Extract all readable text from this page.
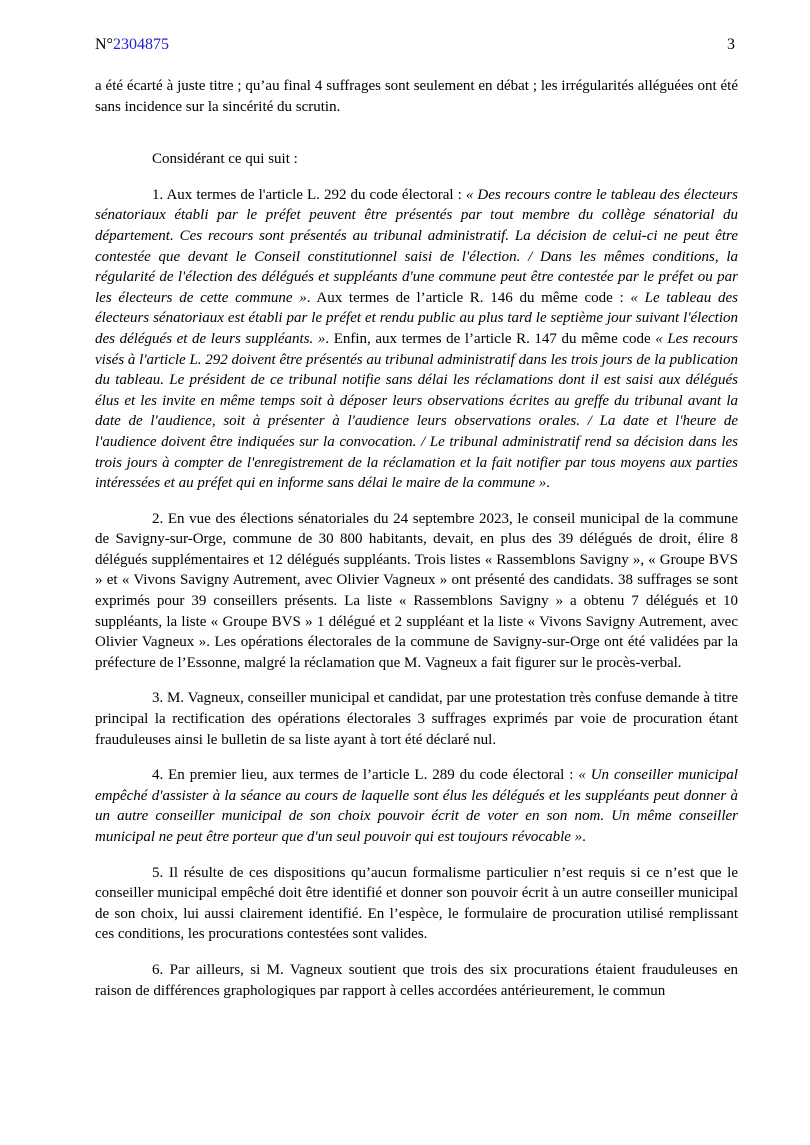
N°2304875	3

a été écarté à juste titre ; qu’au final 4 suffrages sont seulement en débat ; les irrégularités alléguées ont été sans incidence sur la sincérité du scrutin.

Considérant ce qui suit :

1. Aux termes de l'article L. 292 du code électoral : « Des recours contre le tableau des électeurs sénatoriaux établi par le préfet peuvent être présentés par tout membre du collège sénatorial du département. Ces recours sont présentés au tribunal administratif. La décision de celui-ci ne peut être contestée que devant le Conseil constitutionnel saisi de l'élection. / Dans les mêmes conditions, la régularité de l'élection des délégués et suppléants d'une commune peut être contestée par le préfet ou par les électeurs de cette commune ». Aux termes de l’article R. 146 du même code : « Le tableau des électeurs sénatoriaux est établi par le préfet et rendu public au plus tard le septième jour suivant l'élection des délégués et de leurs suppléants. ». Enfin, aux termes de l’article R. 147 du même code « Les recours visés à l'article L. 292 doivent être présentés au tribunal administratif dans les trois jours de la publication du tableau. Le président de ce tribunal notifie sans délai les réclamations dont il est saisi aux délégués élus et les invite en même temps soit à déposer leurs observations écrites au greffe du tribunal avant la date de l'audience, soit à présenter à l'audience leurs observations orales. / La date et l'heure de l'audience doivent être indiquées sur la convocation. / Le tribunal administratif rend sa décision dans les trois jours à compter de l'enregistrement de la réclamation et la fait notifier par tous moyens aux parties intéressées et au préfet qui en informe sans délai le maire de la commune ».

2. En vue des élections sénatoriales du 24 septembre 2023, le conseil municipal de la commune de Savigny-sur-Orge, commune de 30 800 habitants, devait, en plus des 39 délégués de droit, élire 8 délégués supplémentaires et 12 délégués suppléants. Trois listes « Rassemblons Savigny », « Groupe BVS » et « Vivons Savigny Autrement, avec Olivier Vagneux » ont présenté des candidats. 38 suffrages se sont exprimés pour 39 conseillers présents. La liste « Rassemblons Savigny » a obtenu 7 délégués et 10 suppléants, la liste « Groupe BVS » 1 délégué et 2 suppléant et la liste « Vivons Savigny Autrement, avec Olivier Vagneux ». Les opérations électorales de la commune de Savigny-sur-Orge ont été validées par la préfecture de l’Essonne, malgré la réclamation que M. Vagneux a fait figurer sur le procès-verbal.

3. M. Vagneux, conseiller municipal et candidat, par une protestation très confuse demande à titre principal la rectification des opérations électorales 3 suffrages exprimés par voie de procuration étant frauduleuses ainsi le bulletin de sa liste ayant à tort été déclaré nul.

4. En premier lieu, aux termes de l’article L. 289 du code électoral : « Un conseiller municipal empêché d'assister à la séance au cours de laquelle sont élus les délégués et les suppléants peut donner à un autre conseiller municipal de son choix pouvoir écrit de voter en son nom. Un même conseiller municipal ne peut être porteur que d'un seul pouvoir qui est toujours révocable ».

5. Il résulte de ces dispositions qu’aucun formalisme particulier n’est requis si ce n’est que le conseiller municipal empêché doit être identifié et donner son pouvoir écrit à un autre conseiller municipal de son choix, lui aussi clairement identifié. En l’espèce, le formulaire de procuration utilisé remplissant ces conditions, les procurations contestées sont valides.

6. Par ailleurs, si M. Vagneux soutient que trois des six procurations étaient frauduleuses en raison de différences graphologiques par rapport à celles accordées antérieurement, le commun
